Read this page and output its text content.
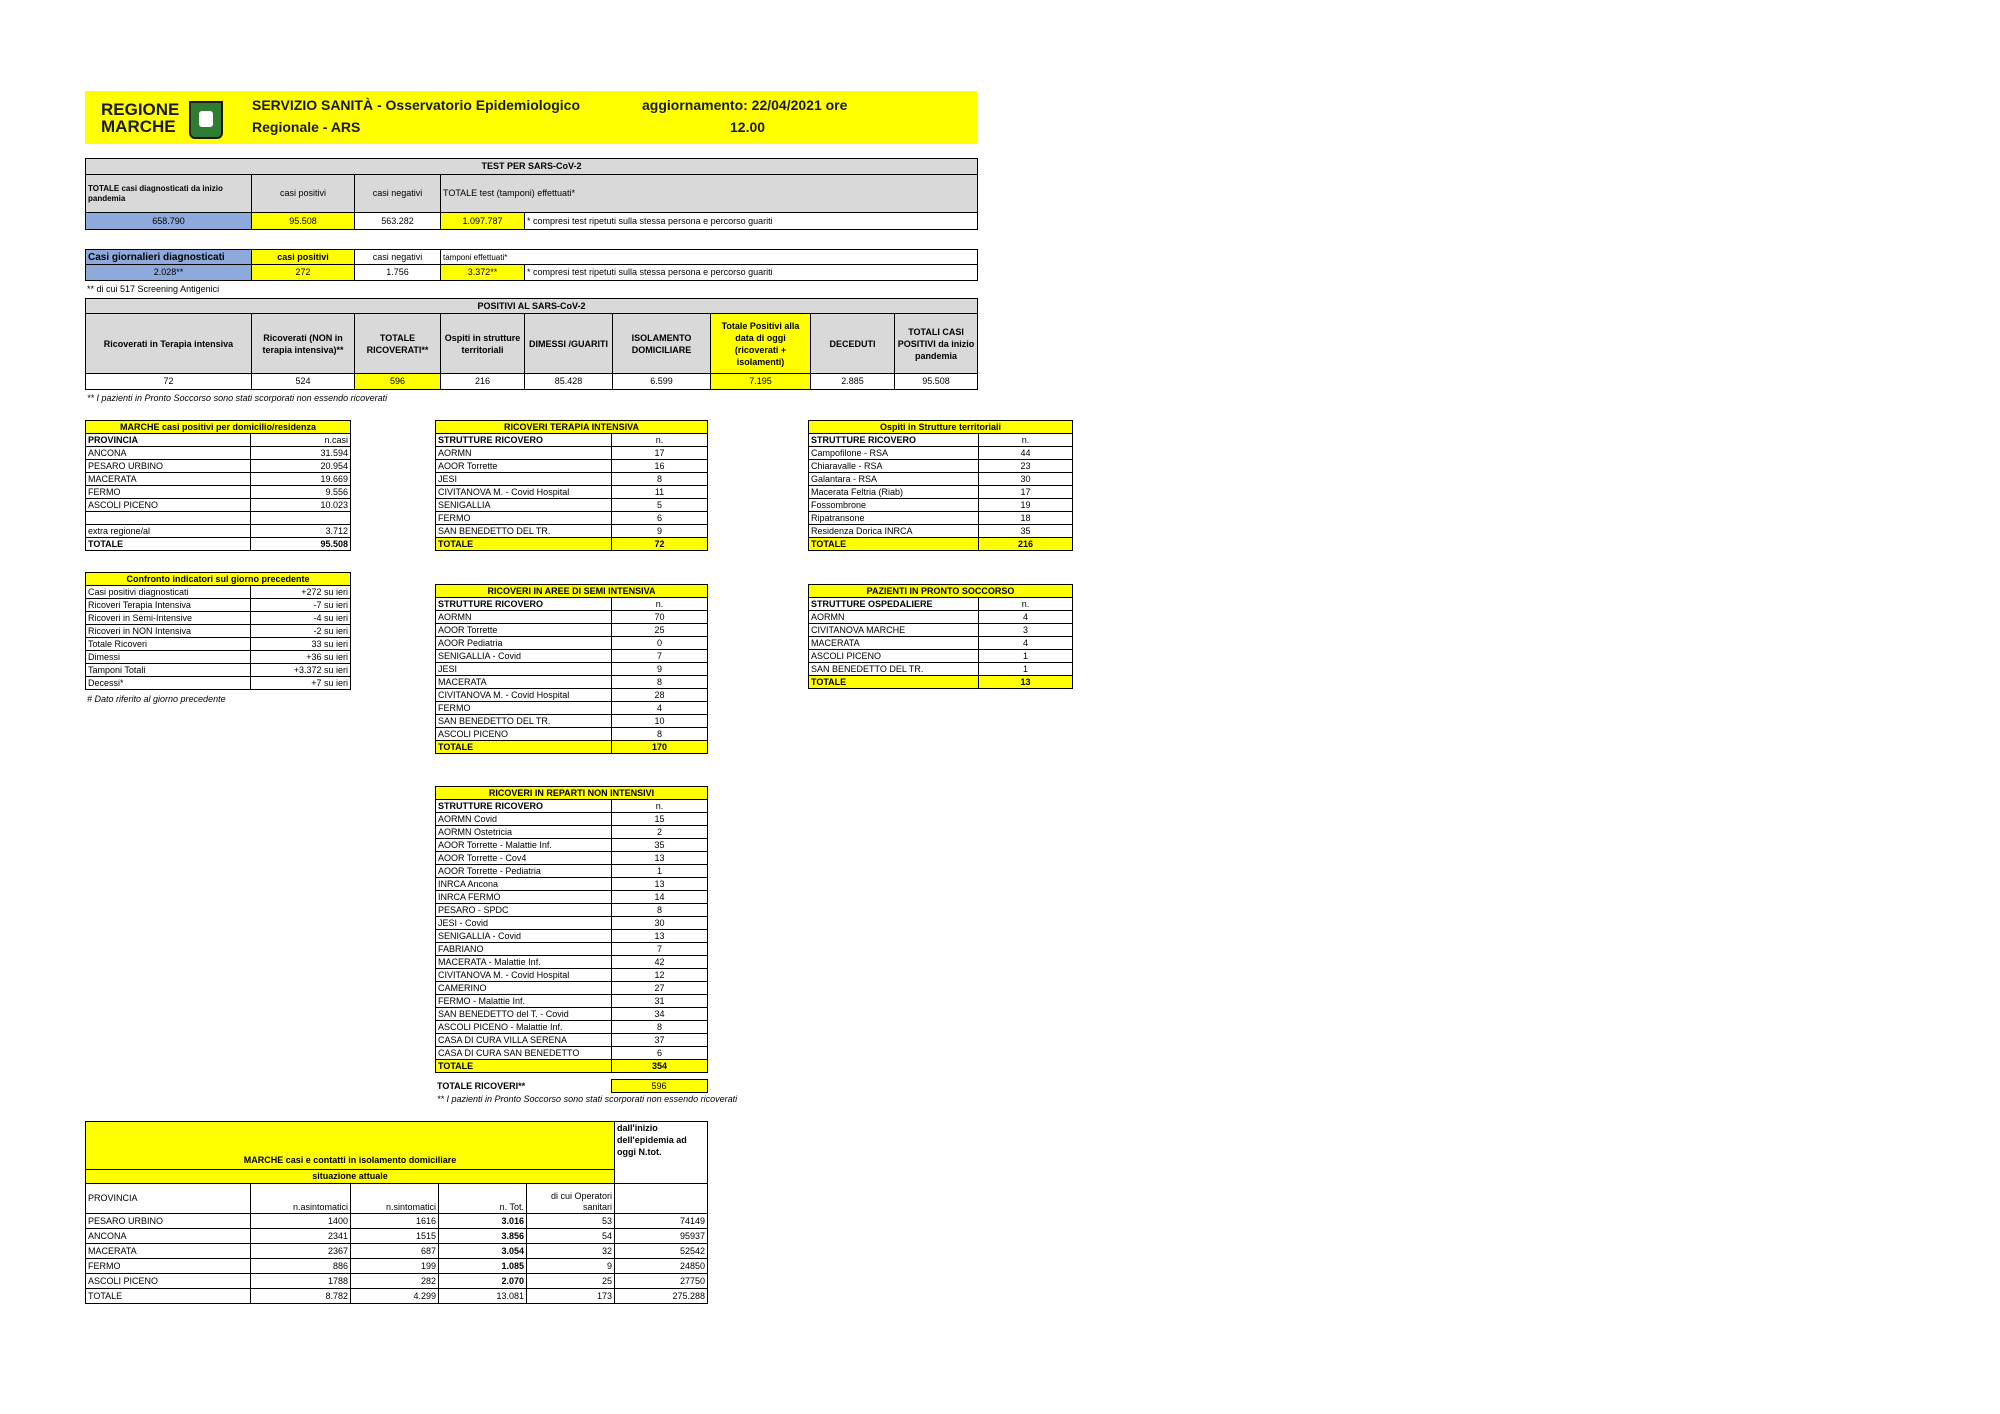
REGIONE
MARCHE
SERVIZIO SANITÀ - Osservatorio Epidemiologico
Regionale - ARS
aggiornamento: 22/04/2021 ore
12.00
TEST PER SARS-CoV-2				
TOTALE casi diagnosticati da inizio pandemia	casi positivi	casi negativi	TOTALE test (tamponi) effettuati*	
658.790	95.508	563.282	1.097.787	* compresi test ripetuti sulla stessa persona e percorso guariti
Casi giornalieri diagnosticati	casi positivi	casi negativi	tamponi effettuati*	
2.028**	272	1.756	3.372**	* compresi test ripetuti sulla stessa persona e percorso guariti
** di cui 517 Screening Antigenici
POSITIVI AL SARS-CoV-2								
Ricoverati in Terapia intensiva	Ricoverati (NON in terapia intensiva)**	TOTALE RICOVERATI**	Ospiti in strutture territoriali	DIMESSI /GUARITI	ISOLAMENTO DOMICILIARE	Totale Positivi alla data di oggi (ricoverati + isolamenti)	DECEDUTI	TOTALI CASI POSITIVI da inizio pandemia
72	524	596	216	85.428	6.599	7.195	2.885	95.508
** I pazienti in Pronto Soccorso sono stati scorporati non essendo ricoverati
MARCHE casi positivi per domicilio/residenza	
PROVINCIA	n.casi
ANCONA	31.594
PESARO URBINO	20.954
MACERATA	19.669
FERMO	9.556
ASCOLI PICENO	10.023

extra regione/al	3.712
TOTALE	95.508
Confronto indicatori sul giorno precedente	
Casi positivi diagnosticati	+272 su ieri
Ricoveri Terapia Intensiva	-7 su ieri
Ricoveri in Semi-Intensive	-4 su ieri
Ricoveri in NON Intensiva	-2 su ieri
Totale Ricoveri	33 su ieri
Dimessi	+36 su ieri
Tamponi Totali	+3.372 su ieri
Decessi*	+7 su ieri
# Dato riferito al giorno precedente
RICOVERI TERAPIA INTENSIVA	
STRUTTURE RICOVERO	n.
AORMN	17
AOOR Torrette	16
JESI	8
CIVITANOVA M. - Covid Hospital	11
SENIGALLIA	5
FERMO	6
SAN BENEDETTO DEL TR.	9
TOTALE	72
RICOVERI IN AREE DI SEMI INTENSIVA	
STRUTTURE RICOVERO	n.
AORMN	70
AOOR Torrette	25
AOOR Pediatria	0
SENIGALLIA - Covid	7
JESI	9
MACERATA	8
CIVITANOVA M. - Covid Hospital	28
FERMO	4
SAN BENEDETTO DEL TR.	10
ASCOLI PICENO	8
TOTALE	170
RICOVERI IN REPARTI NON INTENSIVI	
STRUTTURE RICOVERO	n.
AORMN Covid	15
AORMN Ostetricia	2
AOOR Torrette - Malattie Inf.	35
AOOR Torrette - Cov4	13
AOOR Torrette - Pediatria	1
INRCA Ancona	13
INRCA FERMO	14
PESARO - SPDC	8
JESI - Covid	30
SENIGALLIA - Covid	13
FABRIANO	7
MACERATA - Malattie Inf.	42
CIVITANOVA M. - Covid Hospital	12
CAMERINO	27
FERMO - Malattie Inf.	31
SAN BENEDETTO del T. - Covid	34
ASCOLI PICENO - Malattie Inf.	8
CASA DI CURA VILLA SERENA	37
CASA DI CURA SAN BENEDETTO	6
TOTALE	354
TOTALE RICOVERI**	596
** I pazienti in Pronto Soccorso sono stati scorporati non essendo ricoverati
Ospiti in Strutture territoriali	
STRUTTURE RICOVERO	n.
Campofilone - RSA	44
Chiaravalle - RSA	23
Galantara - RSA	30
Macerata Feltria (Riab)	17
Fossombrone	19
Ripatransone	18
Residenza Dorica INRCA	35
TOTALE	216
PAZIENTI IN PRONTO SOCCORSO	
STRUTTURE OSPEDALIERE	n.
AORMN	4
CIVITANOVA MARCHE	3
MACERATA	4
ASCOLI PICENO	1
SAN BENEDETTO DEL TR.	1
TOTALE	13
MARCHE casi e contatti in isolamento domiciliare					dall'inizio dell'epidemia ad oggi N.tot.
situazione attuale					
PROVINCIA	n.asintomatici	n.sintomatici	n. Tot.	di cui Operatori sanitari	
PESARO URBINO	1400	1616	3.016	53	74149
ANCONA	2341	1515	3.856	54	95937
MACERATA	2367	687	3.054	32	52542
FERMO	886	199	1.085	9	24850
ASCOLI PICENO	1788	282	2.070	25	27750
TOTALE	8.782	4.299	13.081	173	275.288
